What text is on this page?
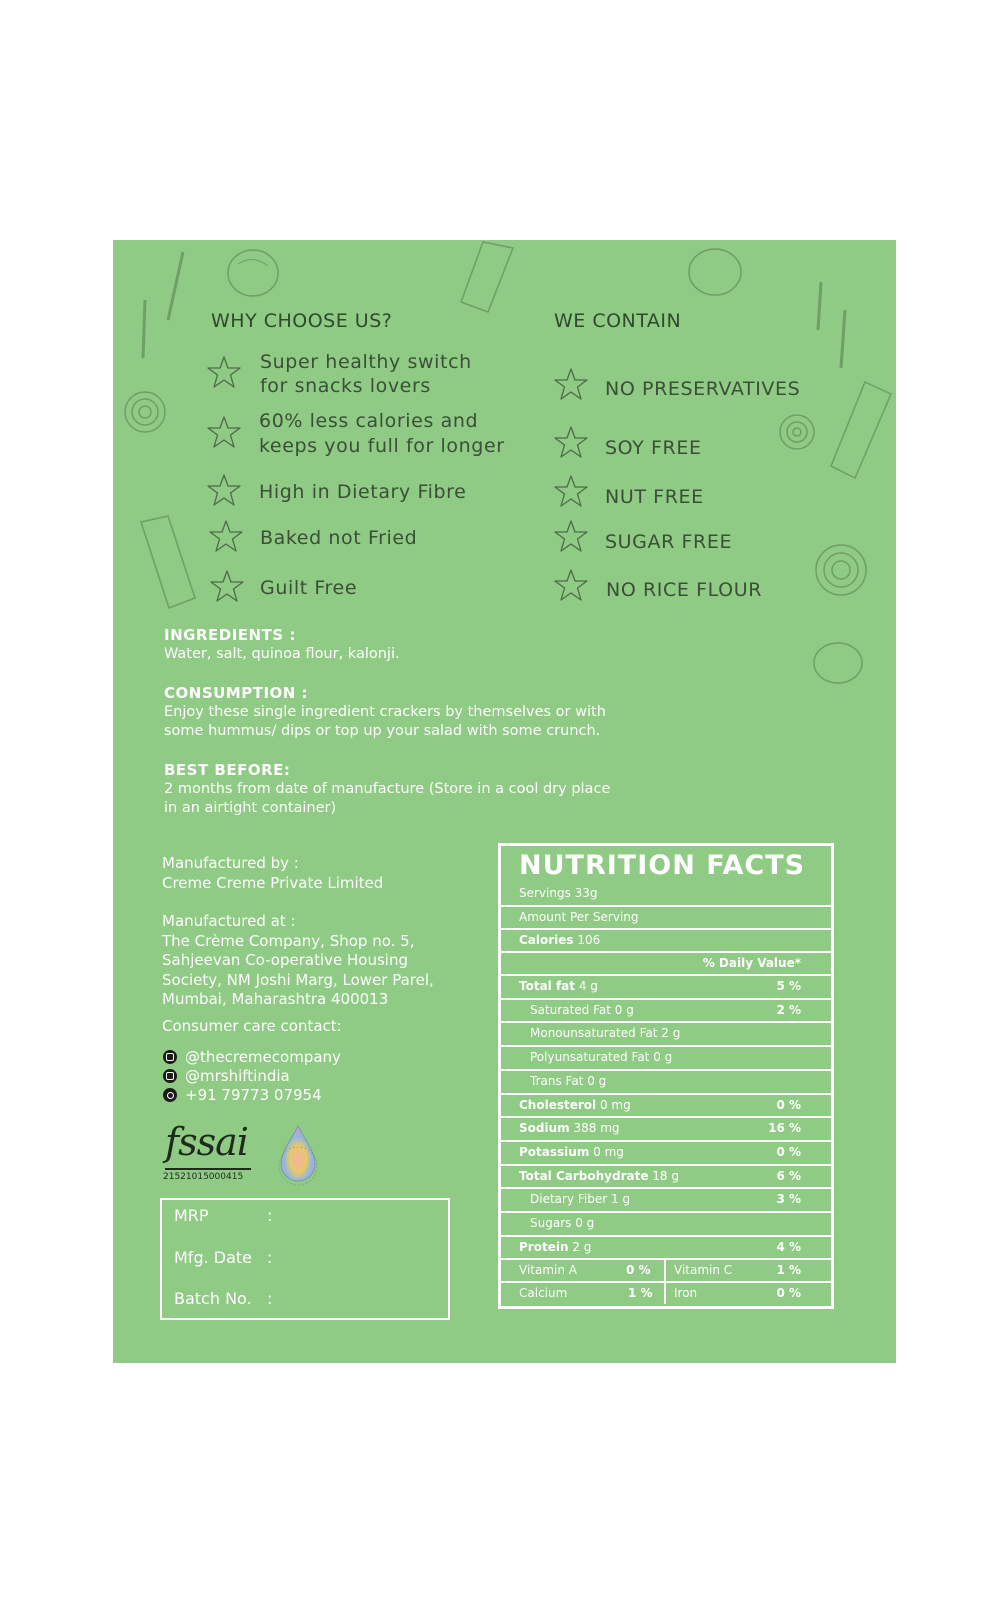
WHY CHOOSE US?
Super healthy switch
for snacks lovers
60% less calories and
keeps you full for longer
High in Dietary Fibre
Baked not Fried
Guilt Free
WE CONTAIN
NO PRESERVATIVES
SOY FREE
NUT FREE
SUGAR FREE
NO RICE FLOUR
INGREDIENTS :
Water, salt, quinoa flour, kalonji.
CONSUMPTION :
Enjoy these single ingredient crackers by themselves or with
some hummus/ dips or top up your salad with some crunch.
BEST BEFORE:
2 months from date of manufacture (Store in a cool dry place
in an airtight container)
Manufactured by :
Creme Creme Private Limited
Manufactured at :
The Crème Company, Shop no. 5,
Sahjeevan Co-operative Housing
Society, NM Joshi Marg, Lower Parel,
Mumbai, Maharashtra 400013
Consumer care contact:
@thecremecompany
@mrshiftindia
+91 79773 07954
fssai
21521015000415
MRP	:
Mfg. Date :
Batch No. :
NUTRITION FACTS
Servings 33g
Amount Per Serving
Calories 106
% Daily Value*
Total fat 4 g	5 %
Saturated Fat 0 g	2 %
Monounsaturated Fat 2 g
Polyunsaturated Fat 0 g
Trans Fat 0 g
Cholesterol 0 mg	0 %
Sodium 388 mg	16 %
Potassium 0 mg	0 %
Total Carbohydrate 18 g	6 %
Dietary Fiber 1 g	3 %
Sugars 0 g
Protein 2 g	4 %
Vitamin A	0 % Vitamin C	1 %
Calcium	1 % Iron	0 %
